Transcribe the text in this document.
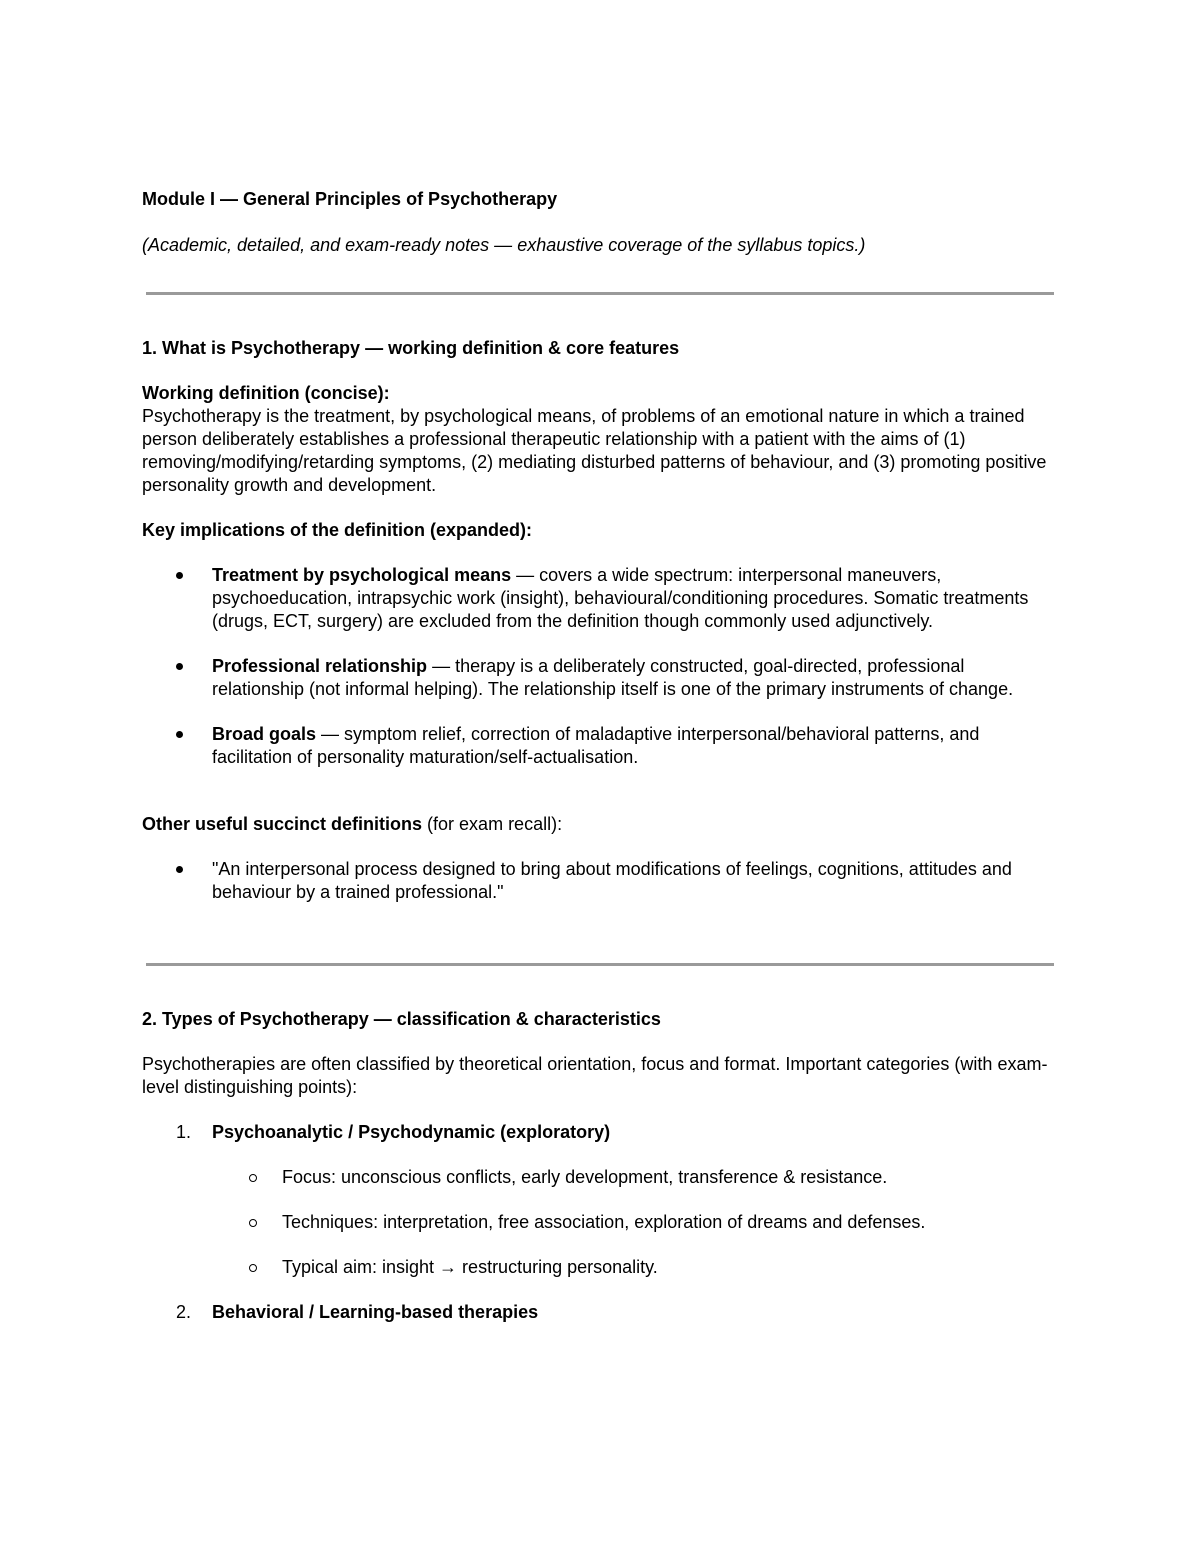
Module I — General Principles of Psychotherapy

(Academic, detailed, and exam-ready notes — exhaustive coverage of the syllabus topics.)

1. What is Psychotherapy — working definition & core features

Working definition (concise):

Psychotherapy is the treatment, by psychological means, of problems of an emotional nature in which a trained person deliberately establishes a professional therapeutic relationship with a patient with the aims of (1) removing/modifying/retarding symptoms, (2) mediating disturbed patterns of behaviour, and (3) promoting positive personality growth and development.

Key implications of the definition (expanded):

Treatment by psychological means — covers a wide spectrum: interpersonal maneuvers, psychoeducation, intrapsychic work (insight), behavioural/conditioning procedures. Somatic treatments (drugs, ECT, surgery) are excluded from the definition though commonly used adjunctively.
Professional relationship — therapy is a deliberately constructed, goal-directed, professional relationship (not informal helping). The relationship itself is one of the primary instruments of change.
Broad goals — symptom relief, correction of maladaptive interpersonal/behavioral patterns, and facilitation of personality maturation/self-actualisation.

Other useful succinct definitions (for exam recall):

"An interpersonal process designed to bring about modifications of feelings, cognitions, attitudes and behaviour by a trained professional."

2. Types of Psychotherapy — classification & characteristics

Psychotherapies are often classified by theoretical orientation, focus and format. Important categories (with exam-level distinguishing points):

1. Psychoanalytic / Psychodynamic (exploratory)
Focus: unconscious conflicts, early development, transference & resistance.
Techniques: interpretation, free association, exploration of dreams and defenses.
Typical aim: insight → restructuring personality.
2. Behavioral / Learning-based therapies
